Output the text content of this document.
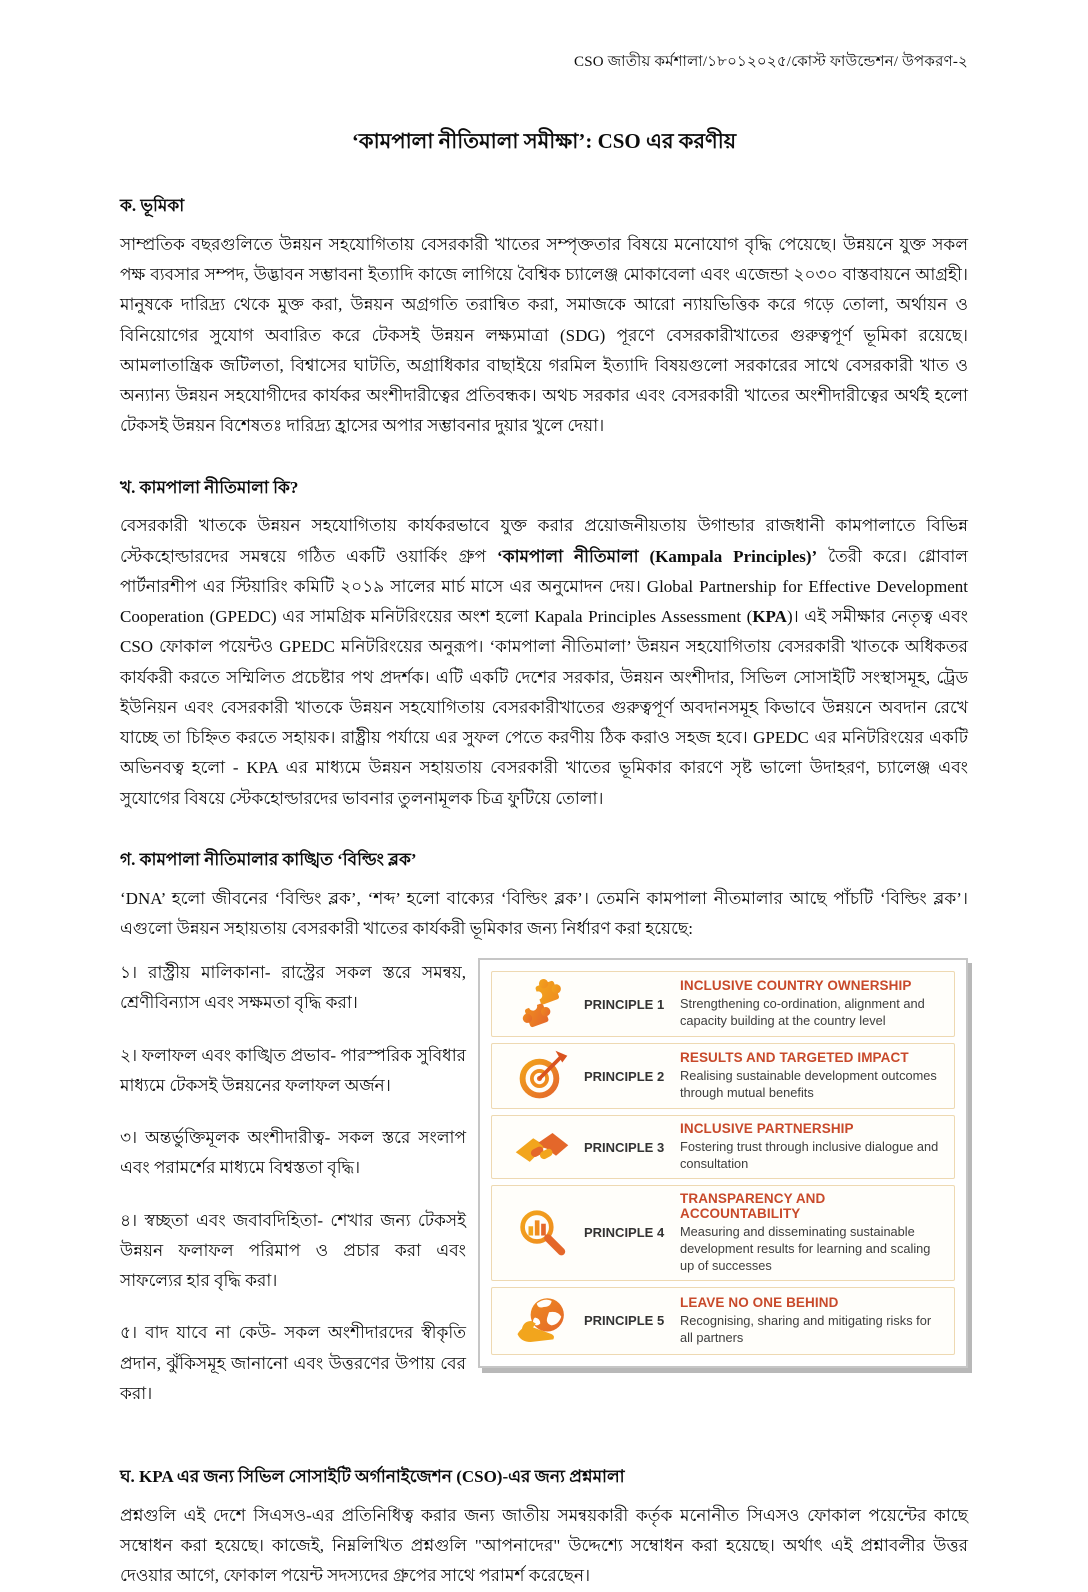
CSO জাতীয় কর্মশালা/১৮০১২০২৫/কোস্ট ফাউন্ডেশন/ উপকরণ-২
‘কামপালা নীতিমালা সমীক্ষা’: CSO এর করণীয়
ক. ভূমিকা

সাম্প্রতিক বছরগুলিতে উন্নয়ন সহযোগিতায় বেসরকারী খাতের সম্পৃক্ততার বিষয়ে মনোযোগ বৃদ্ধি পেয়েছে। উন্নয়নে যুক্ত সকল পক্ষ ব্যবসার সম্পদ, উদ্ভাবন সম্ভাবনা ইত্যাদি কাজে লাগিয়ে বৈশ্বিক চ্যালেঞ্জ মোকাবেলা এবং এজেন্ডা ২০৩০ বাস্তবায়নে আগ্রহী। মানুষকে দারিদ্র্য থেকে মুক্ত করা, উন্নয়ন অগ্রগতি তরান্বিত করা, সমাজকে আরো ন্যায়ভিত্তিক করে গড়ে তোলা, অর্থায়ন ও বিনিয়োগের সুযোগ অবারিত করে টেকসই উন্নয়ন লক্ষ্যমাত্রা (SDG) পূরণে বেসরকারীখাতের গুরুত্বপূর্ণ ভূমিকা রয়েছে। আমলাতান্ত্রিক জটিলতা, বিশ্বাসের ঘাটতি, অগ্রাধিকার বাছাইয়ে গরমিল ইত্যাদি বিষয়গুলো সরকারের সাথে বেসরকারী খাত ও অন্যান্য উন্নয়ন সহযোগীদের কার্যকর অংশীদারীত্বের প্রতিবন্ধক। অথচ সরকার এবং বেসরকারী খাতের অংশীদারীত্বের অর্থই হলো টেকসই উন্নয়ন বিশেষতঃ দারিদ্র্য হ্রাসের অপার সম্ভাবনার দুয়ার খুলে দেয়া।

খ. কামপালা নীতিমালা কি?

বেসরকারী খাতকে উন্নয়ন সহযোগিতায় কার্যকরভাবে যুক্ত করার প্রয়োজনীয়তায় উগান্ডার রাজধানী কামপালাতে বিভিন্ন স্টেকহোল্ডারদের সমন্বয়ে গঠিত একটি ওয়ার্কিং গ্রুপ ‘কামপালা নীতিমালা (Kampala Principles)’ তৈরী করে। গ্লোবাল পার্টনারশীপ এর স্টিয়ারিং কমিটি ২০১৯ সালের মার্চ মাসে এর অনুমোদন দেয়। Global Partnership for Effective Development Cooperation (GPEDC) এর সামগ্রিক মনিটরিংয়ের অংশ হলো Kapala Principles Assessment (KPA)। এই সমীক্ষার নেতৃত্ব এবং CSO ফোকাল পয়েন্টও GPEDC মনিটরিংয়ের অনুরূপ। ‘কামপালা নীতিমালা’ উন্নয়ন সহযোগিতায় বেসরকারী খাতকে অধিকতর কার্যকরী করতে সম্মিলিত প্রচেষ্টার পথ প্রদর্শক। এটি একটি দেশের সরকার, উন্নয়ন অংশীদার, সিভিল সোসাইটি সংস্থাসমূহ, ট্রেড ইউনিয়ন এবং বেসরকারী খাতকে উন্নয়ন সহযোগিতায় বেসরকারীখাতের গুরুত্বপূর্ণ অবদানসমূহ কিভাবে উন্নয়নে অবদান রেখে যাচ্ছে তা চিহ্নিত করতে সহায়ক। রাষ্ট্রীয় পর্যায়ে এর সুফল পেতে করণীয় ঠিক করাও সহজ হবে। GPEDC এর মনিটরিংয়ের একটি অভিনবত্ব হলো - KPA এর মাধ্যমে উন্নয়ন সহায়তায় বেসরকারী খাতের ভূমিকার কারণে সৃষ্ট ভালো উদাহরণ, চ্যালেঞ্জ এবং সুযোগের বিষয়ে স্টেকহোল্ডারদের ভাবনার তুলনামূলক চিত্র ফুটিয়ে তোলা।

গ. কামপালা নীতিমালার কাঙ্খিত ‘বিল্ডিং ব্লক’

‘DNA’ হলো জীবনের ‘বিল্ডিং ব্লক’, ‘শব্দ’ হলো বাক্যের ‘বিল্ডিং ব্লক’। তেমনি কামপালা নীতমালার আছে পাঁচটি ‘বিল্ডিং ব্লক’। এগুলো উন্নয়ন সহায়তায় বেসরকারী খাতের কার্যকরী ভূমিকার জন্য নির্ধারণ করা হয়েছে:

১। রাস্ট্রীয় মালিকানা- রাস্ট্রের সকল স্তরে সমন্বয়, শ্রেণীবিন্যাস এবং সক্ষমতা বৃদ্ধি করা।

২। ফলাফল এবং কাঙ্খিত প্রভাব- পারস্পরিক সুবিধার মাধ্যমে টেকসই উন্নয়নের ফলাফল অর্জন।

৩। অন্তর্ভুক্তিমূলক অংশীদারীত্ব- সকল স্তরে সংলাপ এবং পরামর্শের মাধ্যমে বিশ্বস্ততা বৃদ্ধি।

৪। স্বচ্ছতা এবং জবাবদিহিতা- শেখার জন্য টেকসই উন্নয়ন ফলাফল পরিমাপ ও প্রচার করা এবং সাফল্যের হার বৃদ্ধি করা।

৫। বাদ যাবে না কেউ- সকল অংশীদারদের স্বীকৃতি প্রদান, ঝুঁকিসমূহ জানানো এবং উত্তরণের উপায় বের করা।

PRINCIPLE 1
INCLUSIVE COUNTRY OWNERSHIP
Strengthening co-ordination, alignment and capacity building at the country level
PRINCIPLE 2
RESULTS AND TARGETED IMPACT
Realising sustainable development outcomes through mutual benefits
PRINCIPLE 3
INCLUSIVE PARTNERSHIP
Fostering trust through inclusive dialogue and consultation
PRINCIPLE 4
TRANSPARENCY AND ACCOUNTABILITY
Measuring and disseminating sustainable development results for learning and scaling up of successes
PRINCIPLE 5
LEAVE NO ONE BEHIND
Recognising, sharing and mitigating risks for all partners
ঘ. KPA এর জন্য সিভিল সোসাইটি অর্গানাইজেশন (CSO)-এর জন্য প্রশ্নমালা

প্রশ্নগুলি এই দেশে সিএসও-এর প্রতিনিধিত্ব করার জন্য জাতীয় সমন্বয়কারী কর্তৃক মনোনীত সিএসও ফোকাল পয়েন্টের কাছে সম্বোধন করা হয়েছে। কাজেই, নিম্নলিখিত প্রশ্নগুলি "আপনাদের" উদ্দেশ্যে সম্বোধন করা হয়েছে। অর্থাৎ এই প্রশ্নাবলীর উত্তর দেওয়ার আগে, ফোকাল পয়েন্ট সদস্যদের গ্রুপের সাথে পরামর্শ করেছেন।
